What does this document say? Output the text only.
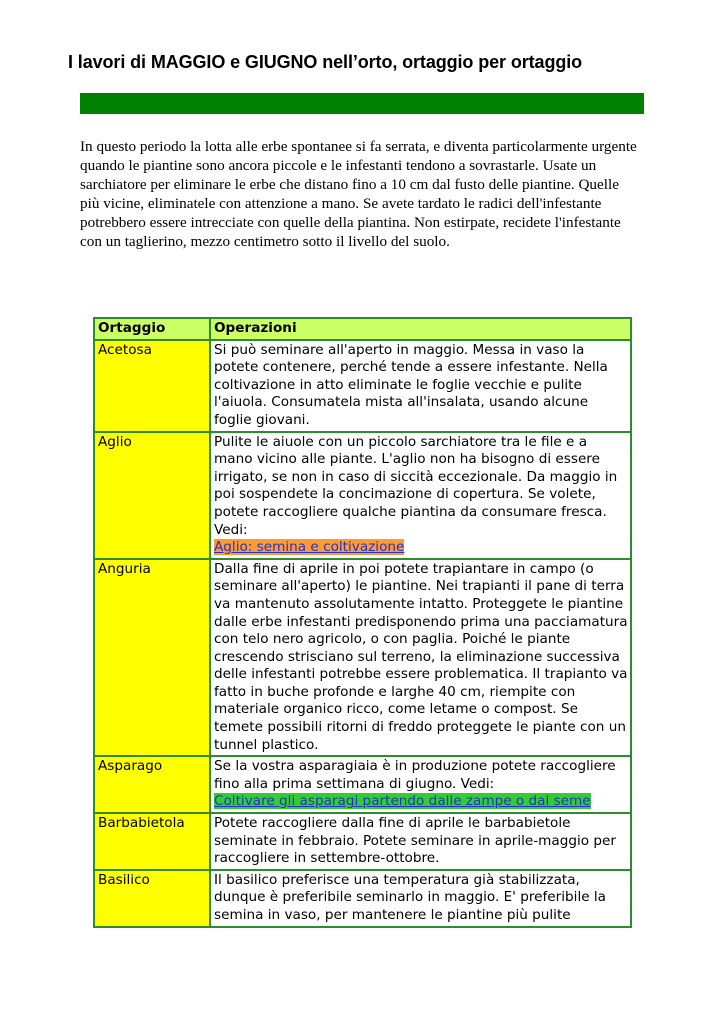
I lavori di MAGGIO e GIUGNO nell’orto, ortaggio per ortaggio

In questo periodo la lotta alle erbe spontanee si fa serrata, e diventa particolarmente urgente quando le piantine sono ancora piccole e le infestanti tendono a sovrastarle. Usate un sarchiatore per eliminare le erbe che distano fino a 10 cm dal fusto delle piantine. Quelle più vicine, eliminatele con attenzione a mano. Se avete tardato le radici dell'infestante potrebbero essere intrecciate con quelle della piantina. Non estirpate, recidete l'infestante con un taglierino, mezzo centimetro sotto il livello del suolo.

Ortaggio	Operazioni
Acetosa	Si può seminare all'aperto in maggio. Messa in vaso la potete contenere, perché tende a essere infestante. Nella coltivazione in atto eliminate le foglie vecchie e pulite l'aiuola. Consumatela mista all'insalata, usando alcune foglie giovani.
Aglio	Pulite le aiuole con un piccolo sarchiatore tra le file e a mano vicino alle piante. L'aglio non ha bisogno di essere irrigato, se non in caso di siccità eccezionale. Da maggio in poi sospendete la concimazione di copertura. Se volete, potete raccogliere qualche piantina da consumare fresca. Vedi:
Aglio: semina e coltivazione
Anguria	Dalla fine di aprile in poi potete trapiantare in campo (o seminare all'aperto) le piantine. Nei trapianti il pane di terra va mantenuto assolutamente intatto. Proteggete le piantine dalle erbe infestanti predisponendo prima una pacciamatura con telo nero agricolo, o con paglia. Poiché le piante crescendo strisciano sul terreno, la eliminazione successiva delle infestanti potrebbe essere problematica. Il trapianto va fatto in buche profonde e larghe 40 cm, riempite con materiale organico ricco, come letame o compost. Se temete possibili ritorni di freddo proteggete le piante con un tunnel plastico.
Asparago	Se la vostra asparagiaia è in produzione potete raccogliere fino alla prima settimana di giugno. Vedi:
Coltivare gli asparagi partendo dalle zampe o dal seme
Barbabietola	Potete raccogliere dalla fine di aprile le barbabietole seminate in febbraio. Potete seminare in aprile-maggio per raccogliere in settembre-ottobre.
Basilico	Il basilico preferisce una temperatura già stabilizzata, dunque è preferibile seminarlo in maggio. E' preferibile la semina in vaso, per mantenere le piantine più pulite
